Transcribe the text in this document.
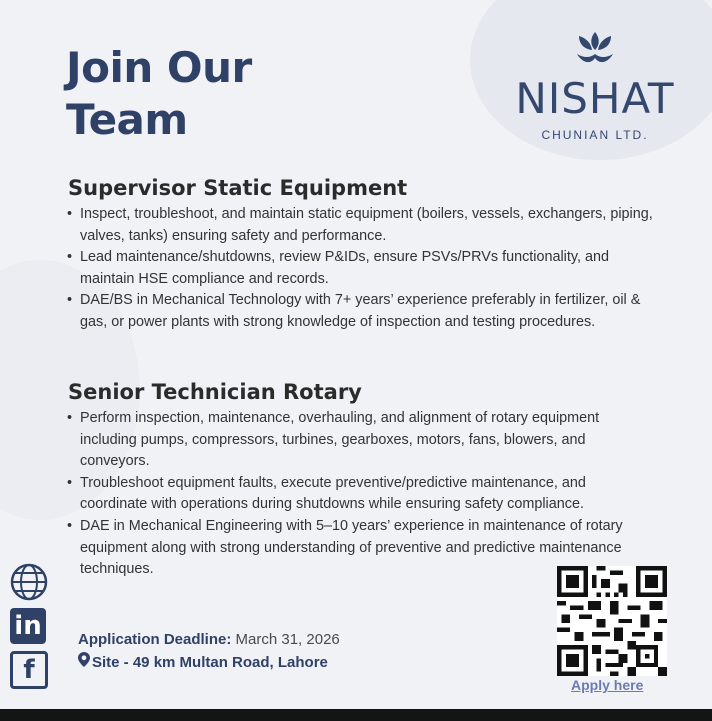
Join Our
Team	NISHAT
CHUNIAN LTD.
Supervisor Static Equipment
• Inspect, troubleshoot, and maintain static equipment (boilers, vessels, exchangers, piping, valves, tanks) ensuring safety and performance.
• Lead maintenance/shutdowns, review P&IDs, ensure PSVs/PRVs functionality, and maintain HSE compliance and records.
• DAE/BS in Mechanical Technology with 7+ years’ experience preferably in fertilizer, oil & gas, or power plants with strong knowledge of inspection and testing procedures.
Senior Technician Rotary
• Perform inspection, maintenance, overhauling, and alignment of rotary equipment including pumps, compressors, turbines, gearboxes, motors, fans, blowers, and conveyors.
• Troubleshoot equipment faults, execute preventive/predictive maintenance, and coordinate with operations during shutdowns while ensuring safety compliance.
• DAE in Mechanical Engineering with 5–10 years’ experience in maintenance of rotary equipment along with strong understanding of preventive and predictive maintenance techniques.
in
f
Application Deadline: March 31, 2026
Site - 49 km Multan Road, Lahore
Apply here
